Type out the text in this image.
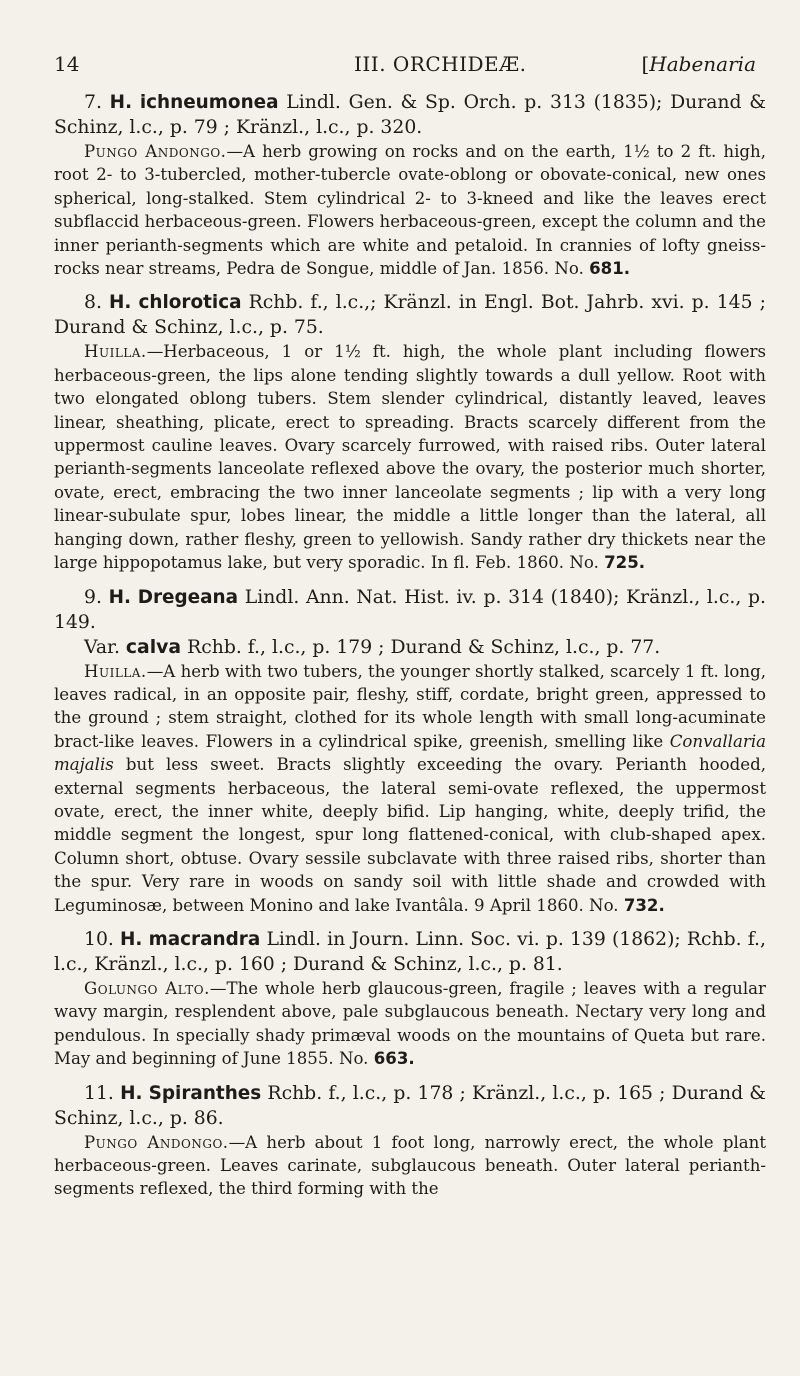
14	III. ORCHIDEÆ.	[Habenaria
7. H. ichneumonea Lindl. Gen. & Sp. Orch. p. 313 (1835); Durand & Schinz, l.c., p. 79 ; Kränzl., l.c., p. 320.
Pungo Andongo.—A herb growing on rocks and on the earth, 1½ to 2 ft. high, root 2- to 3-tubercled, mother-tubercle ovate-oblong or obovate-conical, new ones spherical, long-stalked. Stem cylindrical 2- to 3-kneed and like the leaves erect subflaccid herbaceous-green. Flowers herbaceous-green, except the column and the inner perianth-segments which are white and petaloid. In crannies of lofty gneiss-rocks near streams, Pedra de Songue, middle of Jan. 1856. No. 681.
8. H. chlorotica Rchb. f., l.c.,; Kränzl. in Engl. Bot. Jahrb. xvi. p. 145 ; Durand & Schinz, l.c., p. 75.
Huilla.—Herbaceous, 1 or 1½ ft. high, the whole plant including flowers herbaceous-green, the lips alone tending slightly towards a dull yellow. Root with two elongated oblong tubers. Stem slender cylindrical, distantly leaved, leaves linear, sheathing, plicate, erect to spreading. Bracts scarcely different from the uppermost cauline leaves. Ovary scarcely furrowed, with raised ribs. Outer lateral perianth-segments lanceolate reflexed above the ovary, the posterior much shorter, ovate, erect, embracing the two inner lanceolate segments ; lip with a very long linear-subulate spur, lobes linear, the middle a little longer than the lateral, all hanging down, rather fleshy, green to yellowish. Sandy rather dry thickets near the large hippopotamus lake, but very sporadic. In fl. Feb. 1860. No. 725.
9. H. Dregeana Lindl. Ann. Nat. Hist. iv. p. 314 (1840); Kränzl., l.c., p. 149.
Var. calva Rchb. f., l.c., p. 179 ; Durand & Schinz, l.c., p. 77.
Huilla.—A herb with two tubers, the younger shortly stalked, scarcely 1 ft. long, leaves radical, in an opposite pair, fleshy, stiff, cordate, bright green, appressed to the ground ; stem straight, clothed for its whole length with small long-acuminate bract-like leaves. Flowers in a cylindrical spike, greenish, smelling like Convallaria majalis but less sweet. Bracts slightly exceeding the ovary. Perianth hooded, external segments herbaceous, the lateral semi-ovate reflexed, the uppermost ovate, erect, the inner white, deeply bifid. Lip hanging, white, deeply trifid, the middle segment the longest, spur long flattened-conical, with club-shaped apex. Column short, obtuse. Ovary sessile subclavate with three raised ribs, shorter than the spur. Very rare in woods on sandy soil with little shade and crowded with Leguminosæ, between Monino and lake Ivantâla. 9 April 1860. No. 732.
10. H. macrandra Lindl. in Journ. Linn. Soc. vi. p. 139 (1862); Rchb. f., l.c., Kränzl., l.c., p. 160 ; Durand & Schinz, l.c., p. 81.
Golungo Alto.—The whole herb glaucous-green, fragile ; leaves with a regular wavy margin, resplendent above, pale subglaucous beneath. Nectary very long and pendulous. In specially shady primæval woods on the mountains of Queta but rare. May and beginning of June 1855. No. 663.
11. H. Spiranthes Rchb. f., l.c., p. 178 ; Kränzl., l.c., p. 165 ; Durand & Schinz, l.c., p. 86.
Pungo Andongo.—A herb about 1 foot long, narrowly erect, the whole plant herbaceous-green. Leaves carinate, subglaucous beneath. Outer lateral perianth-segments reflexed, the third forming with the
